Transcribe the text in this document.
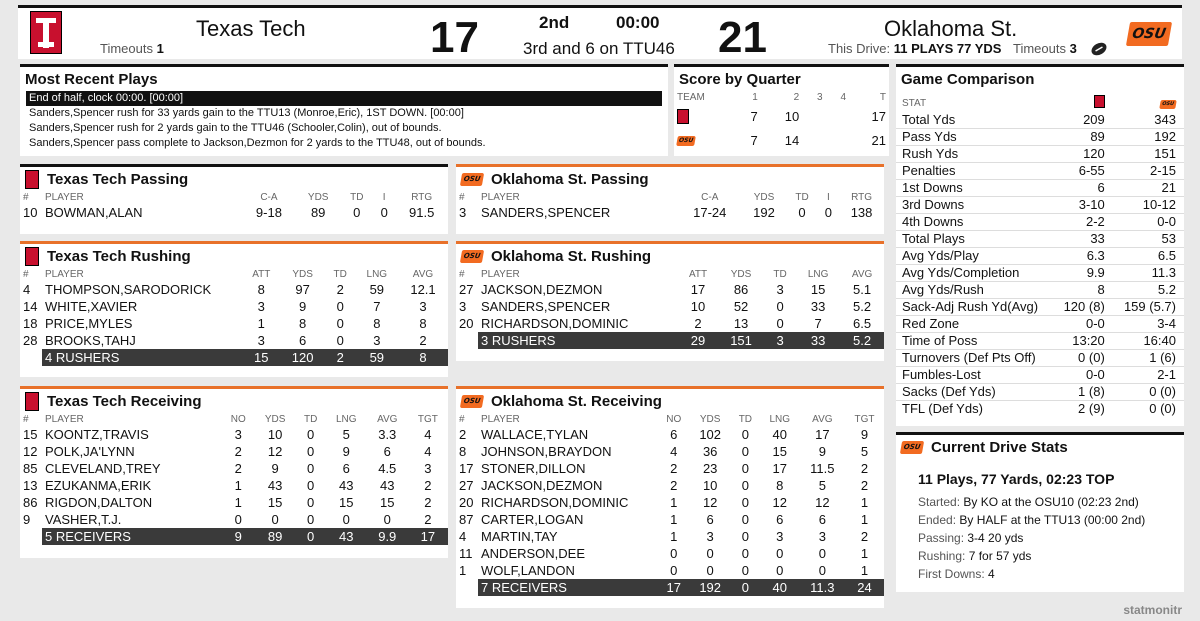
Texas Tech
Timeouts 1	17	2nd	00:00
3rd and 6 on TTU46 21	Oklahoma St.
This Drive: 11 PLAYS 77 YDS Timeouts 3
OSU
Most Recent Plays
End of half, clock 00:00. [00:00]
Sanders,Spencer rush for 33 yards gain to the TTU13 (Monroe,Eric), 1ST DOWN. [00:00]
Sanders,Spencer rush for 2 yards gain to the TTU46 (Schooler,Colin), out of bounds.
Sanders,Spencer pass complete to Jackson,Dezmon for 2 yards to the TTU48, out of bounds.
Score by Quarter
TEAM	1	2	3	4	T
	7	10			17
OSU	7	14			21
Texas Tech Passing
#	PLAYER	C-A	YDS	TD	I	RTG
10	BOWMAN,ALAN	9-18	89	0	0	91.5
OSU Oklahoma St. Passing
#	PLAYER	C-A	YDS	TD	I	RTG
3	SANDERS,SPENCER	17-24	192	0	0	138
Texas Tech Rushing
#	PLAYER	ATT	YDS	TD	LNG	AVG
4	THOMPSON,SARODORICK	8	97	2	59	12.1
14	WHITE,XAVIER	3	9	0	7	3
18	PRICE,MYLES	1	8	0	8	8
28	BROOKS,TAHJ	3	6	0	3	2
	4 RUSHERS	15	120	2	59	8
OSU Oklahoma St. Rushing
#	PLAYER	ATT	YDS	TD	LNG	AVG
27	JACKSON,DEZMON	17	86	3	15	5.1
3	SANDERS,SPENCER	10	52	0	33	5.2
20	RICHARDSON,DOMINIC	2	13	0	7	6.5
	3 RUSHERS	29	151	3	33	5.2
Texas Tech Receiving
#	PLAYER	NO	YDS	TD	LNG	AVG	TGT
15	KOONTZ,TRAVIS	3	10	0	5	3.3	4
12	POLK,JA'LYNN	2	12	0	9	6	4
85	CLEVELAND,TREY	2	9	0	6	4.5	3
13	EZUKANMA,ERIK	1	43	0	43	43	2
86	RIGDON,DALTON	1	15	0	15	15	2
9	VASHER,T.J.	0	0	0	0	0	2
	5 RECEIVERS	9	89	0	43	9.9	17
OSU Oklahoma St. Receiving
#	PLAYER	NO	YDS	TD	LNG	AVG	TGT
2	WALLACE,TYLAN	6	102	0	40	17	9
8	JOHNSON,BRAYDON	4	36	0	15	9	5
17	STONER,DILLON	2	23	0	17	11.5	2
27	JACKSON,DEZMON	2	10	0	8	5	2
20	RICHARDSON,DOMINIC	1	12	0	12	12	1
87	CARTER,LOGAN	1	6	0	6	6	1
4	MARTIN,TAY	1	3	0	3	3	2
11	ANDERSON,DEE	0	0	0	0	0	1
1	WOLF,LANDON	0	0	0	0	0	1
	7 RECEIVERS	17	192	0	40	11.3	24
Game Comparison
STAT		OSU
Total Yds	209	343
Pass Yds	89	192
Rush Yds	120	151
Penalties	6-55	2-15
1st Downs	6	21
3rd Downs	3-10	10-12
4th Downs	2-2	0-0
Total Plays	33	53
Avg Yds/Play	6.3	6.5
Avg Yds/Completion	9.9	11.3
Avg Yds/Rush	8	5.2
Sack-Adj Rush Yd(Avg)	120 (8)	159 (5.7)
Red Zone	0-0	3-4
Time of Poss	13:20	16:40
Turnovers (Def Pts Off)	0 (0)	1 (6)
Fumbles-Lost	0-0	2-1
Sacks (Def Yds)	1 (8)	0 (0)
TFL (Def Yds)	2 (9)	0 (0)
OSU Current Drive Stats
11 Plays, 77 Yards, 02:23 TOP
Started: By KO at the OSU10 (02:23 2nd)
Ended: By HALF at the TTU13 (00:00 2nd)
Passing: 3-4 20 yds
Rushing: 7 for 57 yds
First Downs: 4
statmonitr
